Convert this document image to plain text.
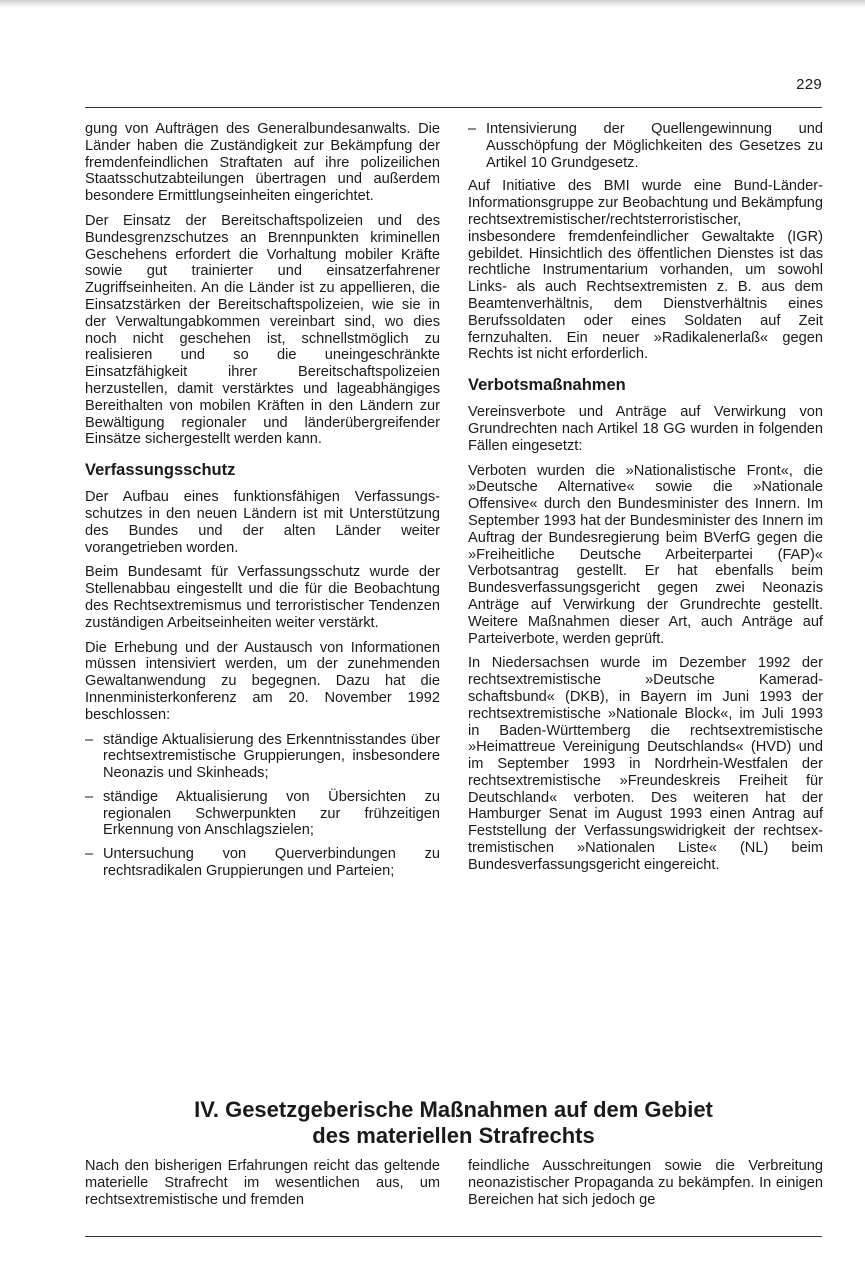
229

gung von Aufträgen des Generalbundesanwalts. Die Länder haben die Zuständigkeit zur Bekämpfung der fremdenfeindlichen Straftaten auf ihre polizeilichen Staatsschutzabteilungen übertragen und außerdem besondere Ermittlungseinheiten eingerichtet.

Der Einsatz der Bereitschaftspolizeien und des Bundesgrenzschutzes an Brennpunkten kriminellen Geschehens erfordert die Vorhaltung mobiler Kräfte sowie gut trainierter und einsatzerfahrener Zugriffseinheiten. An die Länder ist zu appellieren, die Einsatzstärken der Bereitschaftspolizeien, wie sie in der Verwaltungabkommen vereinbart sind, wo dies noch nicht geschehen ist, schnellstmöglich zu realisieren und so die uneingeschränkte Einsatzfähigkeit ihrer Bereitschaftspolizeien herzustellen, damit verstärktes und lageabhängiges Bereithalten von mobilen Kräften in den Ländern zur Bewältigung regionaler und länderübergreifender Einsätze sichergestellt werden kann.

Verfassungsschutz

Der Aufbau eines funktionsfähigen Verfassungsschutzes in den neuen Ländern ist mit Unterstützung des Bundes und der alten Länder weiter vorangetrieben worden.

Beim Bundesamt für Verfassungsschutz wurde der Stellenabbau eingestellt und die für die Beobachtung des Rechtsextremismus und terroristischer Tendenzen zuständigen Arbeitseinheiten weiter verstärkt.

Die Erhebung und der Austausch von Informationen müssen intensiviert werden, um der zunehmenden Gewaltanwendung zu begegnen. Dazu hat die Innenministerkonferenz am 20. November 1992 beschlossen:

– ständige Aktualisierung des Erkenntnisstandes über rechtsextremistische Gruppierungen, insbesondere Neonazis und Skinheads;
– ständige Aktualisierung von Übersichten zu regionalen Schwerpunkten zur frühzeitigen Erkennung von Anschlagszielen;
– Untersuchung von Querverbindungen zu rechtsradikalen Gruppierungen und Parteien;
– Intensivierung der Quellengewinnung und Ausschöpfung der Möglichkeiten des Gesetzes zu Artikel 10 Grundgesetz.

Auf Initiative des BMI wurde eine Bund-Länder-Informationsgruppe zur Beobachtung und Bekämpfung rechtsextremistischer/rechtsterroristischer, insbesondere fremdenfeindlicher Gewaltakte (IGR) gebildet. Hinsichtlich des öffentlichen Dienstes ist das rechtliche Instrumentarium vorhanden, um sowohl Links- als auch Rechtsextremisten z. B. aus dem Beamtenverhältnis, dem Dienstverhältnis eines Berufssoldaten oder eines Soldaten auf Zeit fernzuhalten. Ein neuer »Radikalenerlaß« gegen Rechts ist nicht erforderlich.

Verbotsmaßnahmen

Vereinsverbote und Anträge auf Verwirkung von Grundrechten nach Artikel 18 GG wurden in folgenden Fällen eingesetzt:

Verboten wurden die »Nationalistische Front«, die »Deutsche Alternative« sowie die »Nationale Offensive« durch den Bundesminister des Innern. Im September 1993 hat der Bundesminister des Innern im Auftrag der Bundesregierung beim BVerfG gegen die »Freiheitliche Deutsche Arbeiterpartei (FAP)« Verbotsantrag gestellt. Er hat ebenfalls beim Bundesverfassungsgericht gegen zwei Neonazis Anträge auf Verwirkung der Grundrechte gestellt. Weitere Maßnahmen dieser Art, auch Anträge auf Parteiverbote, werden geprüft.

In Niedersachsen wurde im Dezember 1992 der rechtsextremistische »Deutsche Kameradschaftsbund« (DKB), in Bayern im Juni 1993 der rechtsextremistische »Nationale Block«, im Juli 1993 in Baden-Württemberg die rechtsextremistische »Heimattreue Vereinigung Deutschlands« (HVD) und im September 1993 in Nordrhein-Westfalen der rechtsextremistische »Freundeskreis Freiheit für Deutschland« verboten. Des weiteren hat der Hamburger Senat im August 1993 einen Antrag auf Feststellung der Verfassungswidrigkeit der rechtsextremistischen »Nationalen Liste« (NL) beim Bundesverfassungsgericht eingereicht.

IV. Gesetzgeberische Maßnahmen auf dem Gebiet
des materiellen Strafrechts

Nach den bisherigen Erfahrungen reicht das geltende materielle Strafrecht im wesentlichen aus, um rechtsextremistische und fremden

feindliche Ausschreitungen sowie die Verbreitung neonazistischer Propaganda zu bekämpfen. In einigen Bereichen hat sich jedoch ge
